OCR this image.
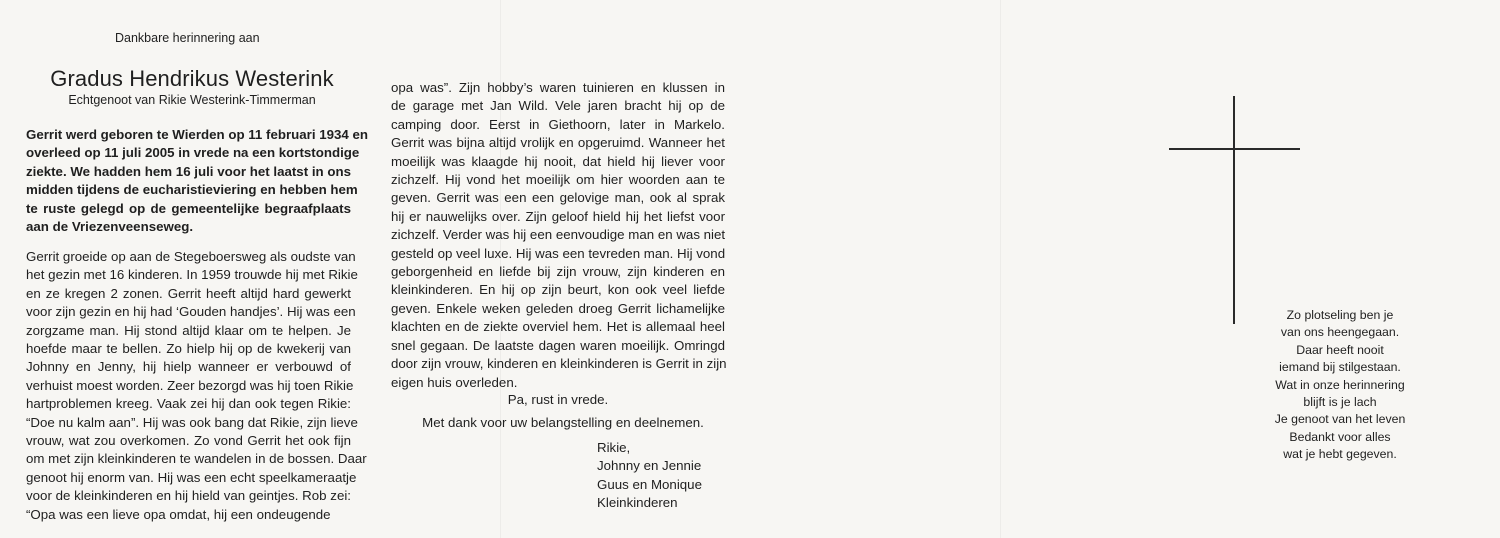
Dankbare herinnering aan
Gradus Hendrikus Westerink
Echtgenoot van Rikie Westerink-Timmerman
Gerrit werd geboren te Wierden op 11 februari 1934 en
overleed op 11 juli 2005 in vrede na een kortstondige
ziekte. We hadden hem 16 juli voor het laatst in ons
midden tijdens de eucharistieviering en hebben hem
te ruste gelegd op de gemeentelijke begraafplaats
aan de Vriezenveenseweg.
Gerrit groeide op aan de Stegeboersweg als oudste van
het gezin met 16 kinderen. In 1959 trouwde hij met Rikie
en ze kregen 2 zonen. Gerrit heeft altijd hard gewerkt
voor zijn gezin en hij had ‘Gouden handjes’. Hij was een
zorgzame man. Hij stond altijd klaar om te helpen. Je
hoefde maar te bellen. Zo hielp hij op de kwekerij van
Johnny en Jenny, hij hielp wanneer er verbouwd of
verhuist moest worden. Zeer bezorgd was hij toen Rikie
hartproblemen kreeg. Vaak zei hij dan ook tegen Rikie:
“Doe nu kalm aan”. Hij was ook bang dat Rikie, zijn lieve
vrouw, wat zou overkomen. Zo vond Gerrit het ook fijn
om met zijn kleinkinderen te wandelen in de bossen. Daar
genoot hij enorm van. Hij was een echt speelkameraatje
voor de kleinkinderen en hij hield van geintjes. Rob zei:
“Opa was een lieve opa omdat, hij een ondeugende
opa was”. Zijn hobby’s waren tuinieren en klussen in
de garage met Jan Wild. Vele jaren bracht hij op de
camping door. Eerst in Giethoorn, later in Markelo.
Gerrit was bijna altijd vrolijk en opgeruimd. Wanneer het
moeilijk was klaagde hij nooit, dat hield hij liever voor
zichzelf. Hij vond het moeilijk om hier woorden aan te
geven. Gerrit was een een gelovige man, ook al sprak
hij er nauwelijks over. Zijn geloof hield hij het liefst voor
zichzelf. Verder was hij een eenvoudige man en was niet
gesteld op veel luxe. Hij was een tevreden man. Hij vond
geborgenheid en liefde bij zijn vrouw, zijn kinderen en
kleinkinderen. En hij op zijn beurt, kon ook veel liefde
geven. Enkele weken geleden droeg Gerrit lichamelijke
klachten en de ziekte overviel hem. Het is allemaal heel
snel gegaan. De laatste dagen waren moeilijk. Omringd
door zijn vrouw, kinderen en kleinkinderen is Gerrit in zijn
eigen huis overleden.
Pa, rust in vrede.
Met dank voor uw belangstelling en deelnemen.
Rikie,
Johnny en Jennie
Guus en Monique
Kleinkinderen
Zo plotseling ben je
van ons heengegaan.
Daar heeft nooit
iemand bij stilgestaan.
Wat in onze herinnering
blijft is je lach
Je genoot van het leven
Bedankt voor alles
wat je hebt gegeven.
